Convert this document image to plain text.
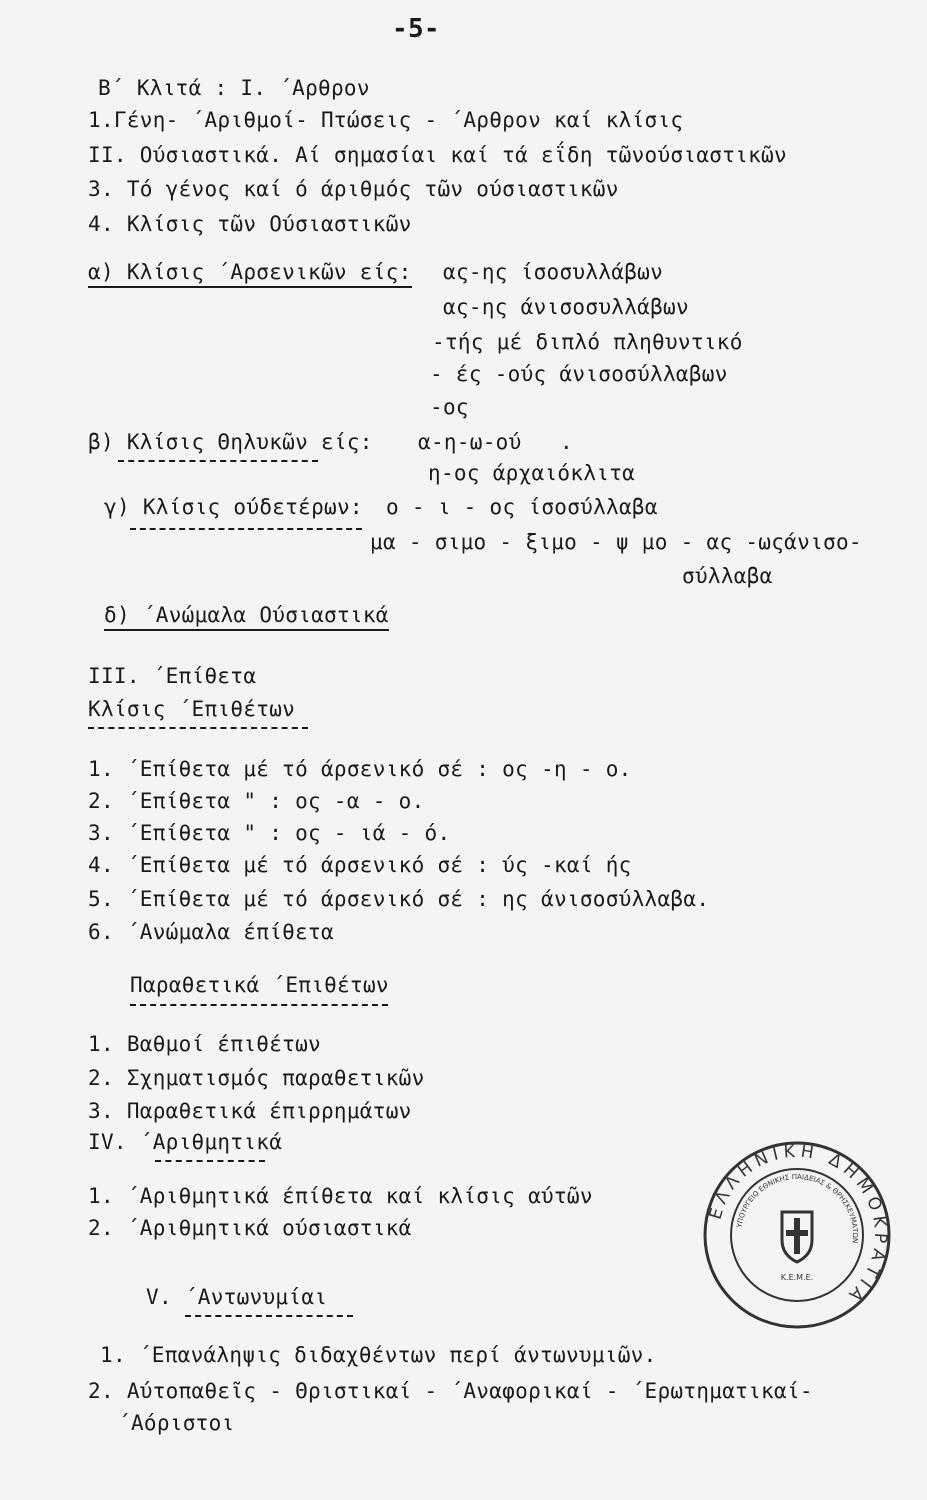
-5-
Β΄ Κλιτά : Ι. ΄Αρθρον
1.Γένη- ΄Αριθμοί- Πτώσεις - ΄Αρθρον καί κλίσις
ΙΙ. Ούσιαστικά. Αί σημασίαι καί τά εΐδη τῶνούσιαστικῶν
3. Τό γένος καί ό άριθμός τῶν ούσιαστικῶν
4. Κλίσις τῶν Ούσιαστικῶν
α) Κλίσις ΄Αρσενικῶν είς: ας-ης ίσοσυλλάβων
ας-ης άνισοσυλλάβων
-τής μέ διπλό πληθυντικό
- ές -ούς άνισοσύλλαβων
-ος
β) Κλίσις Θηλυκῶν είς: α-η-ω-ού .
η-ος άρχαιόκλιτα
γ) Κλίσις ούδετέρων: ο - ι - ος ίσοσύλλαβα
μα - σιμο - ξιμο - ψ μο - ας -ωςάνισο-
σύλλαβα
δ) ΄Ανώμαλα Ούσιαστικά
ΙΙΙ. ΄Επίθετα
Κλίσις ΄Επιθέτων
1. ΄Επίθετα μέ τό άρσενικό σέ : ος -η - ο.
2. ΄Επίθετα " : ος -α - ο.
3. ΄Επίθετα " : ος - ιά - ό.
4. ΄Επίθετα μέ τό άρσενικό σέ : ύς -καί ής
5. ΄Επίθετα μέ τό άρσενικό σέ : ης άνισοσύλλαβα.
6. ΄Ανώμαλα έπίθετα
Παραθετικά ΄Επιθέτων
1. Βαθμοί έπιθέτων
2. Σχηματισμός παραθετικῶν
3. Παραθετικά έπιρρημάτων
IV. ΄Αριθμητικά
1. ΄Αριθμητικά έπίθετα καί κλίσις αύτῶν
2. ΄Αριθμητικά ούσιαστικά
V. ΄Αντωνυμίαι
1. ΄Επανάληψις διδαχθέντων περί άντωνυμιῶν.
2. Αύτοπαθεῖς - Θριστικαί - ΄Αναφορικαί - ΄Ερωτηματικαί-
΄Αόριστοι
ΕΛΛΗΝΙΚΗ ΔΗΜΟΚΡΑΤΙΑ
ΥΠΟΥΡΓΕΙΟ ΕΘΝΙΚΗΣ ΠΑΙΔΕΙΑΣ & ΘΡΗΣΚΕΥΜΑΤΩΝ
Κ.Ε.Μ.Ε.
